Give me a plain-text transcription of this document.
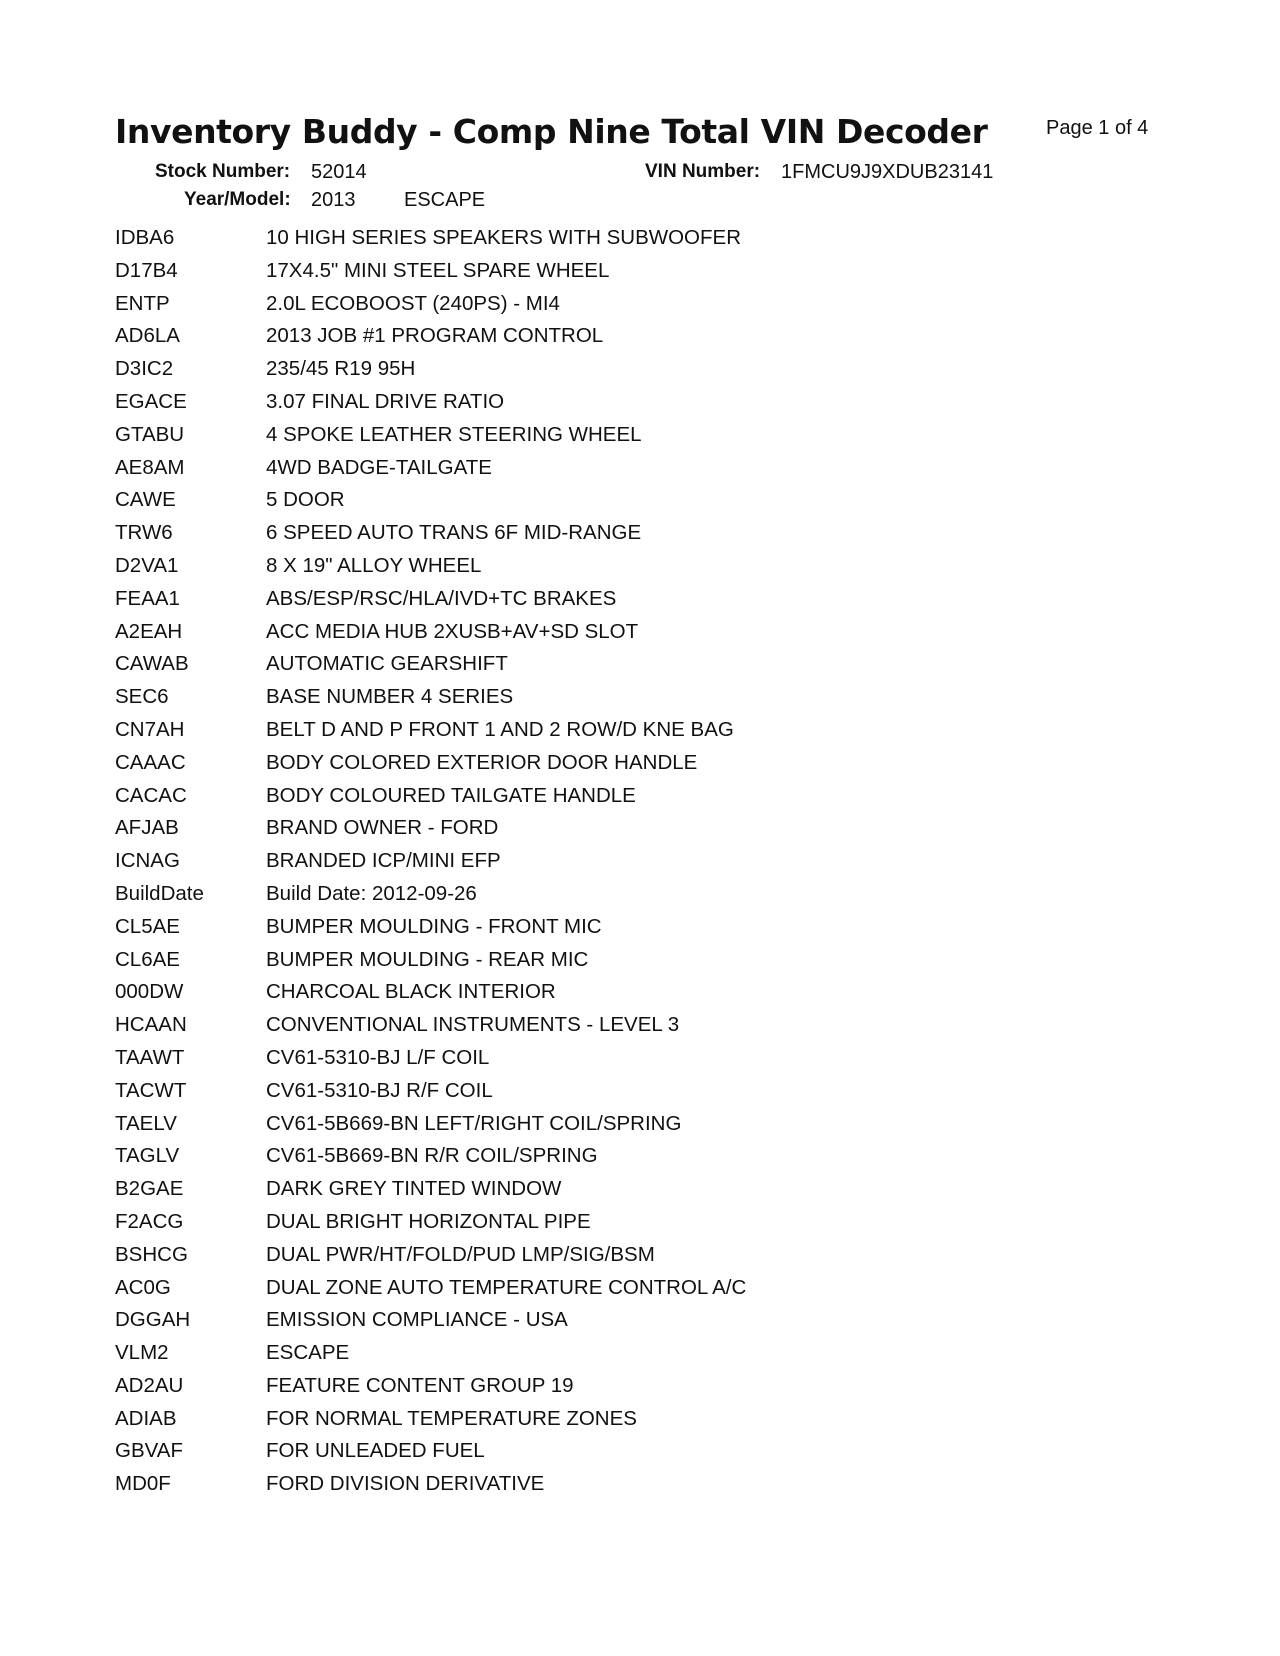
Inventory Buddy - Comp Nine Total VIN Decoder	Page 1 of 4
Stock Number: 52014	VIN Number: 1FMCU9J9XDUB23141
Year/Model: 2013 ESCAPE
IDBA6	10 HIGH SERIES SPEAKERS WITH SUBWOOFER
D17B4	17X4.5" MINI STEEL SPARE WHEEL
ENTP	2.0L ECOBOOST (240PS) - MI4
AD6LA	2013 JOB #1 PROGRAM CONTROL
D3IC2	235/45 R19 95H
EGACE	3.07 FINAL DRIVE RATIO
GTABU	4 SPOKE LEATHER STEERING WHEEL
AE8AM	4WD BADGE-TAILGATE
CAWE	5 DOOR
TRW6	6 SPEED AUTO TRANS 6F MID-RANGE
D2VA1	8 X 19" ALLOY WHEEL
FEAA1	ABS/ESP/RSC/HLA/IVD+TC BRAKES
A2EAH	ACC MEDIA HUB 2XUSB+AV+SD SLOT
CAWAB	AUTOMATIC GEARSHIFT
SEC6	BASE NUMBER 4 SERIES
CN7AH	BELT D AND P FRONT 1 AND 2 ROW/D KNE BAG
CAAAC	BODY COLORED EXTERIOR DOOR HANDLE
CACAC	BODY COLOURED TAILGATE HANDLE
AFJAB	BRAND OWNER - FORD
ICNAG	BRANDED ICP/MINI EFP
BuildDate	Build Date: 2012-09-26
CL5AE	BUMPER MOULDING - FRONT MIC
CL6AE	BUMPER MOULDING - REAR MIC
000DW	CHARCOAL BLACK INTERIOR
HCAAN	CONVENTIONAL INSTRUMENTS - LEVEL 3
TAAWT	CV61-5310-BJ L/F COIL
TACWT	CV61-5310-BJ R/F COIL
TAELV	CV61-5B669-BN LEFT/RIGHT COIL/SPRING
TAGLV	CV61-5B669-BN R/R COIL/SPRING
B2GAE	DARK GREY TINTED WINDOW
F2ACG	DUAL BRIGHT HORIZONTAL PIPE
BSHCG	DUAL PWR/HT/FOLD/PUD LMP/SIG/BSM
AC0G	DUAL ZONE AUTO TEMPERATURE CONTROL A/C
DGGAH	EMISSION COMPLIANCE - USA
VLM2	ESCAPE
AD2AU	FEATURE CONTENT GROUP 19
ADIAB	FOR NORMAL TEMPERATURE ZONES
GBVAF	FOR UNLEADED FUEL
MD0F	FORD DIVISION DERIVATIVE
